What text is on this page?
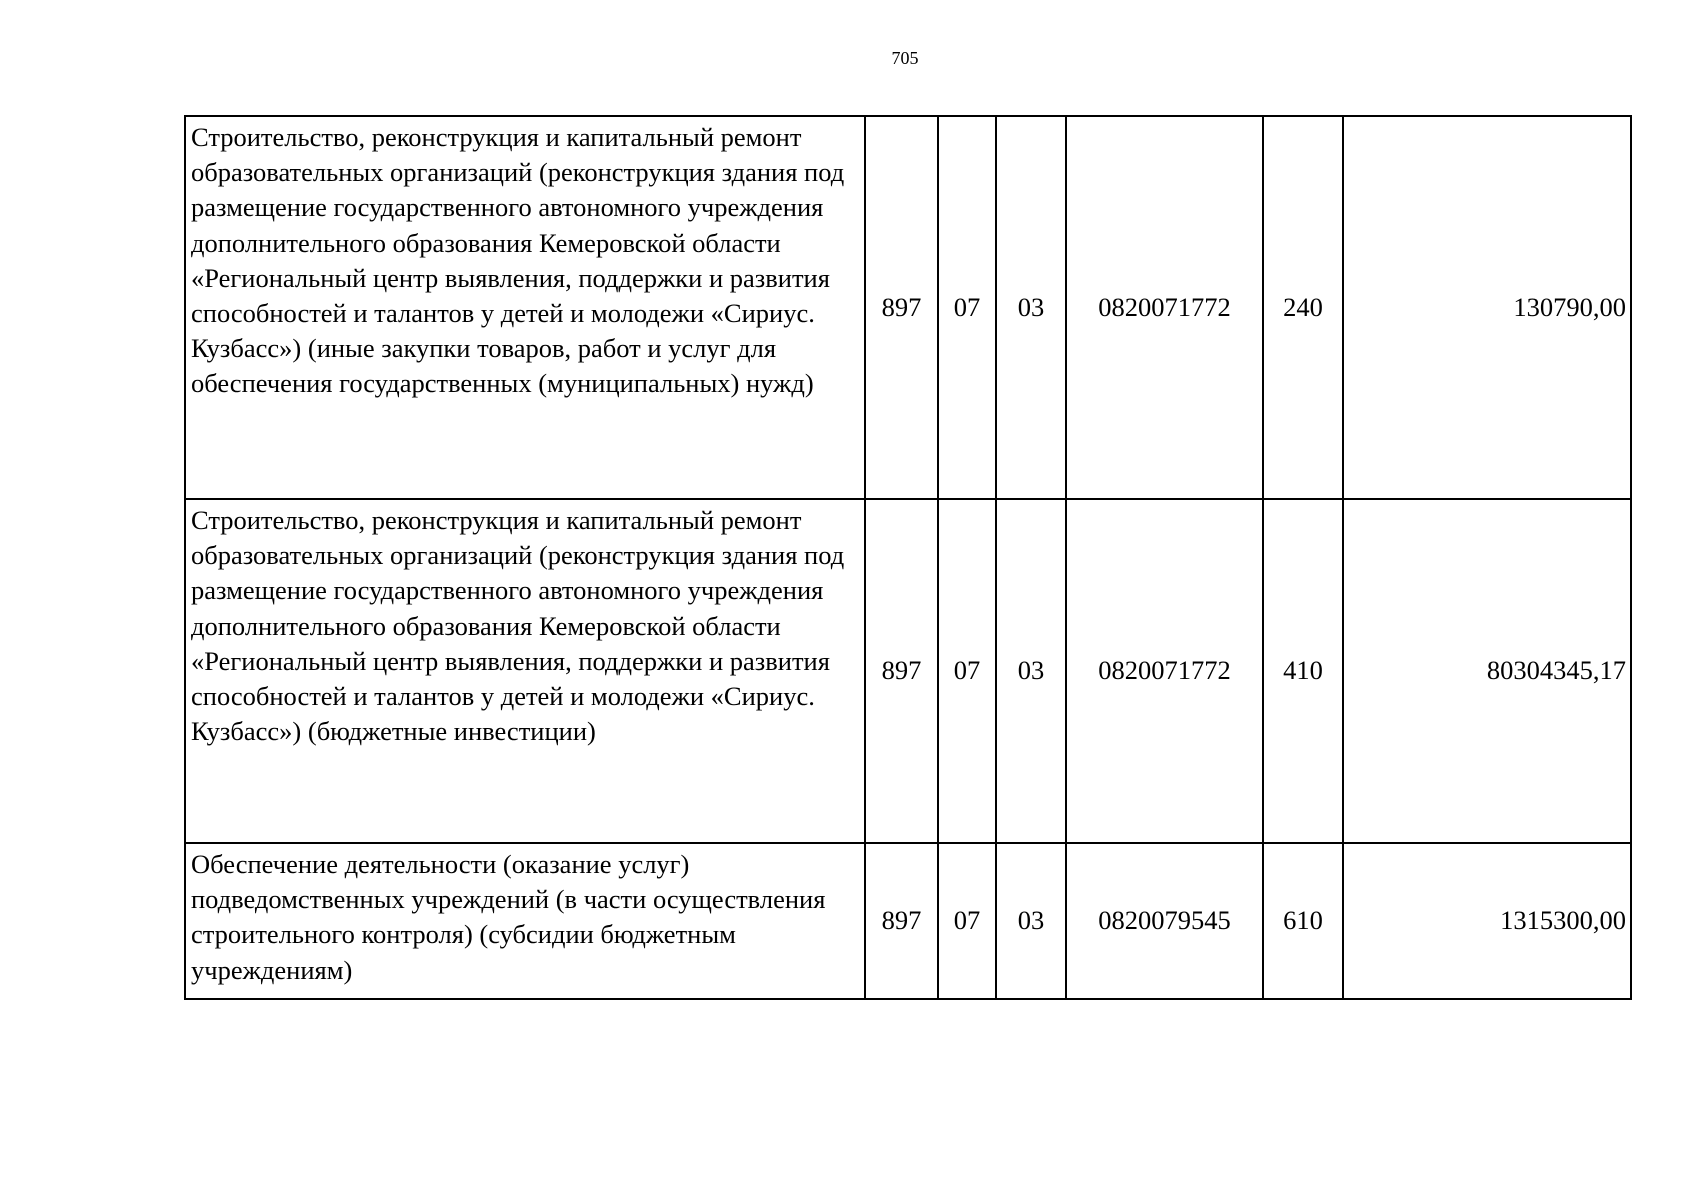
705
Строительство, реконструкция и капитальный ремонт образовательных организаций (реконструкция здания под размещение государственного автономного учреждения дополнительного образования Кемеровской области «Региональный центр выявления, поддержки и развития способностей и талантов у детей и молодежи «Сириус. Кузбасс») (иные закупки товаров, работ и услуг для обеспечения государственных (муниципальных) нужд)	897	07	03	0820071772	240	130790,00
Строительство, реконструкция и капитальный ремонт образовательных организаций (реконструкция здания под размещение государственного автономного учреждения дополнительного образования Кемеровской области «Региональный центр выявления, поддержки и развития способностей и талантов у детей и молодежи «Сириус. Кузбасс») (бюджетные инвестиции)	897	07	03	0820071772	410	80304345,17
Обеспечение деятельности (оказание услуг) подведомственных учреждений (в части осуществления строительного контроля) (субсидии бюджетным учреждениям)	897	07	03	0820079545	610	1315300,00
